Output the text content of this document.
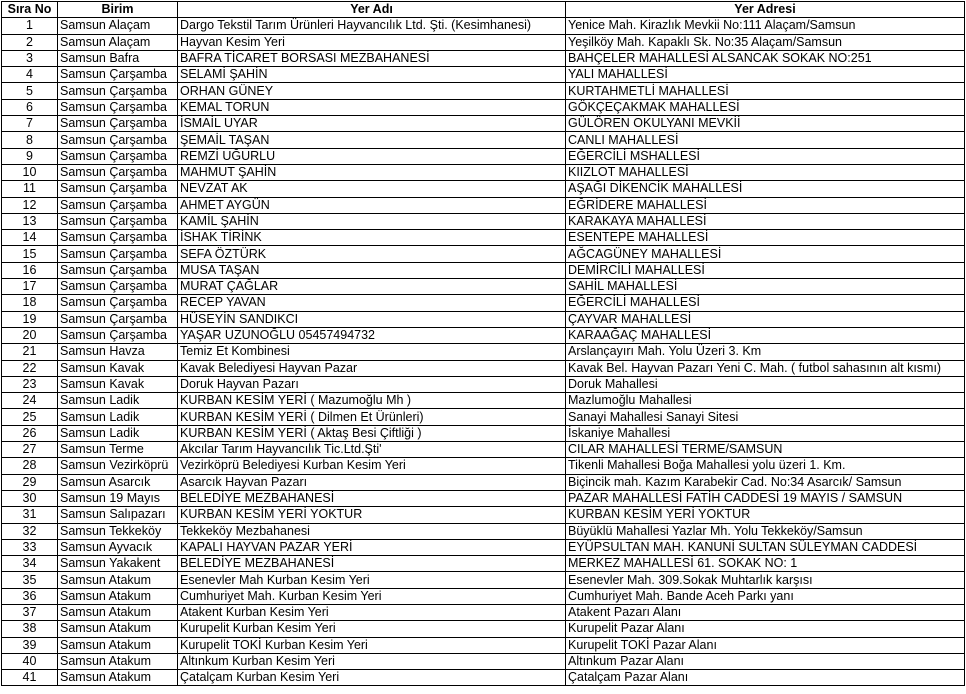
Sıra No	Birim	Yer Adı	Yer Adresi
1	Samsun Alaçam	Dargo Tekstil Tarım Ürünleri Hayvancılık Ltd. Şti. (Kesimhanesi)	Yenice Mah. Kirazlık Mevkii No:111 Alaçam/Samsun
2	Samsun Alaçam	Hayvan Kesim Yeri	Yeşilköy Mah. Kapaklı Sk. No:35 Alaçam/Samsun
3	Samsun Bafra	BAFRA TİCARET BORSASI MEZBAHANESİ	BAHÇELER MAHALLESİ ALSANCAK SOKAK NO:251
4	Samsun Çarşamba	SELAMİ ŞAHİN	YALI MAHALLESİ
5	Samsun Çarşamba	ORHAN GÜNEY	KURTAHMETLİ MAHALLESİ
6	Samsun Çarşamba	KEMAL TORUN	GÖKÇEÇAKMAK MAHALLESİ
7	Samsun Çarşamba	İSMAİL UYAR	GÜLÖREN OKULYANI MEVKİİ
8	Samsun Çarşamba	ŞEMAİL TAŞAN	CANLI MAHALLESİ
9	Samsun Çarşamba	REMZİ UĞURLU	EĞERCİLİ MSHALLESİ
10	Samsun Çarşamba	MAHMUT ŞAHİN	KIIZLOT MAHALLESİ
11	Samsun Çarşamba	NEVZAT AK	AŞAĞI DİKENCİK MAHALLESİ
12	Samsun Çarşamba	AHMET AYGÜN	EĞRİDERE MAHALLESİ
13	Samsun Çarşamba	KAMİL ŞAHİN	KARAKAYA MAHALLESİ
14	Samsun Çarşamba	İSHAK TİRİNK	ESENTEPE MAHALLESİ
15	Samsun Çarşamba	SEFA ÖZTÜRK	AĞCAGÜNEY MAHALLESİ
16	Samsun Çarşamba	MUSA TAŞAN	DEMİRCİLİ MAHALLESİ
17	Samsun Çarşamba	MURAT ÇAĞLAR	SAHİL MAHALLESİ
18	Samsun Çarşamba	RECEP YAVAN	EĞERCİLİ MAHALLESİ
19	Samsun Çarşamba	HÜSEYİN SANDIKCI	ÇAYVAR MAHALLESİ
20	Samsun Çarşamba	YAŞAR UZUNOĞLU 05457494732	KARAAĞAÇ MAHALLESİ
21	Samsun Havza	Temiz Et Kombinesi	Arslançayırı Mah. Yolu Üzeri 3. Km
22	Samsun Kavak	Kavak Belediyesi Hayvan Pazar	Kavak Bel. Hayvan Pazarı Yeni C. Mah. ( futbol sahasının alt kısmı)
23	Samsun Kavak	Doruk Hayvan Pazarı	Doruk Mahallesi
24	Samsun Ladik	KURBAN KESİM YERİ ( Mazumoğlu Mh )	Mazlumoğlu Mahallesi
25	Samsun Ladik	KURBAN KESİM YERİ ( Dilmen Et Ürünleri)	Sanayi Mahallesi Sanayi Sitesi
26	Samsun Ladik	KURBAN KESİM YERİ ( Aktaş Besi Çiftliği )	İskaniye Mahallesi
27	Samsun Terme	Akcılar Tarım Hayvancılık Tic.Ltd.Şti'	CILAR MAHALLESİ TERME/SAMSUN
28	Samsun Vezirköprü	Vezirköprü Belediyesi Kurban Kesim Yeri	Tikenli Mahallesi Boğa Mahallesi yolu üzeri 1. Km.
29	Samsun Asarcık	Asarcık Hayvan Pazarı	Biçincik mah. Kazım Karabekir Cad. No:34 Asarcık/ Samsun
30	Samsun 19 Mayıs	BELEDİYE MEZBAHANESİ	PAZAR MAHALLESİ FATİH CADDESİ 19 MAYIS / SAMSUN
31	Samsun Salıpazarı	KURBAN KESİM YERİ YOKTUR	KURBAN KESİM YERİ YOKTUR
32	Samsun Tekkeköy	Tekkeköy Mezbahanesi	Büyüklü Mahallesi Yazlar Mh. Yolu Tekkeköy/Samsun
33	Samsun Ayvacık	KAPALI HAYVAN PAZAR YERİ	EYÜPSULTAN MAH. KANUNİ SULTAN SÜLEYMAN CADDESİ
34	Samsun Yakakent	BELEDİYE MEZBAHANESİ	MERKEZ MAHALLESİ 61. SOKAK NO: 1
35	Samsun Atakum	Esenevler Mah Kurban Kesim Yeri	Esenevler Mah. 309.Sokak Muhtarlık karşısı
36	Samsun Atakum	Cumhuriyet Mah. Kurban Kesim Yeri	Cumhuriyet Mah. Bande Aceh Parkı yanı
37	Samsun Atakum	Atakent Kurban Kesim Yeri	Atakent Pazarı Alanı
38	Samsun Atakum	Kurupelit Kurban Kesim Yeri	Kurupelit Pazar Alanı
39	Samsun Atakum	Kurupelit TOKİ Kurban Kesim Yeri	Kurupelit TOKİ Pazar Alanı
40	Samsun Atakum	Altınkum Kurban Kesim Yeri	Altınkum Pazar Alanı
41	Samsun Atakum	Çatalçam Kurban Kesim Yeri	Çatalçam Pazar Alanı
